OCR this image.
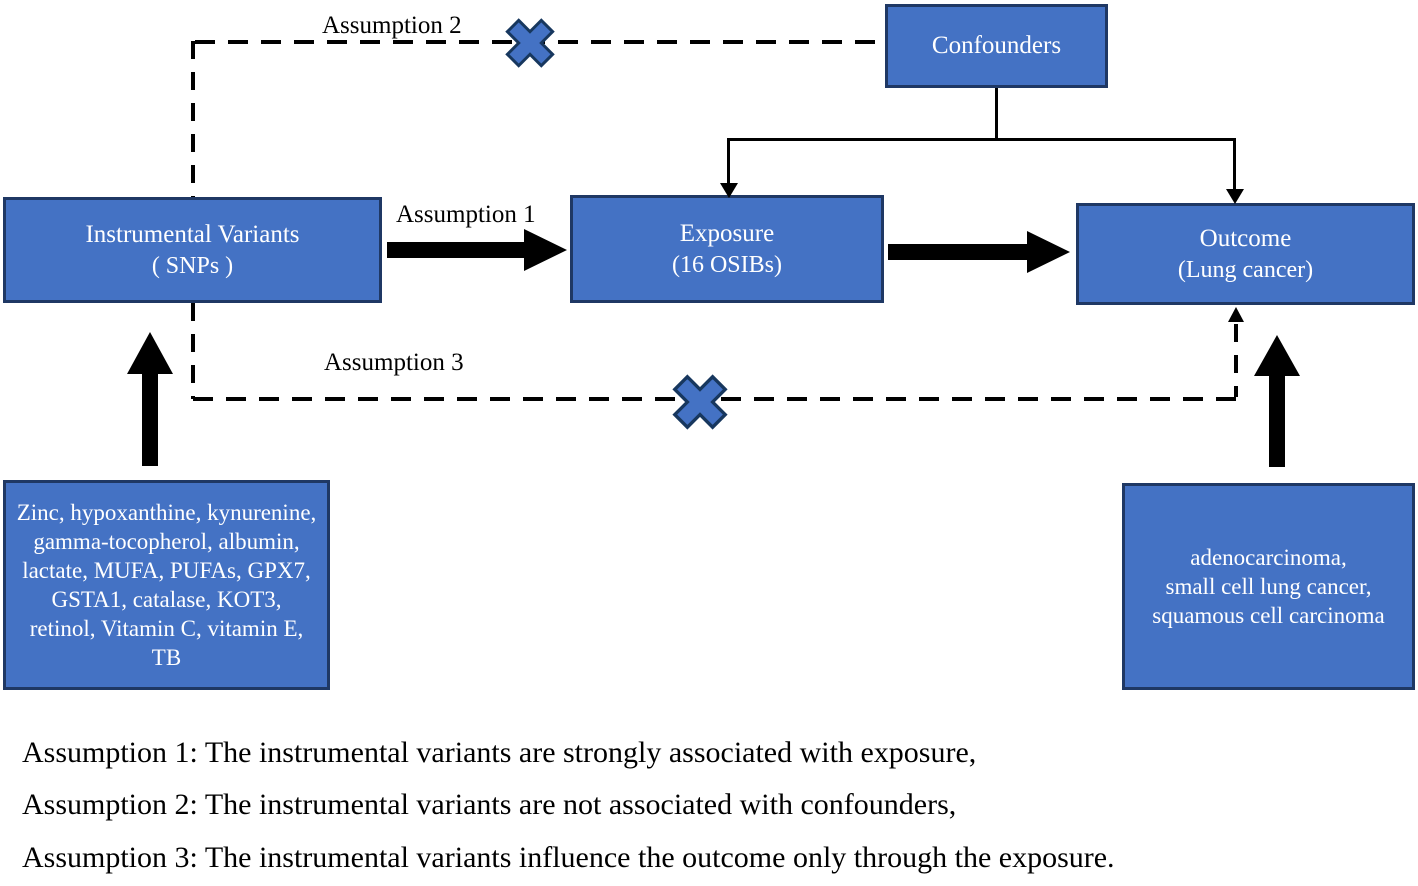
Instrumental Variants
( SNPs )
Exposure
(16 OSIBs)
Outcome
(Lung cancer)
Confounders
Zinc, hypoxanthine, kynurenine,
gamma-tocopherol, albumin,
lactate, MUFA, PUFAs, GPX7,
GSTA1, catalase, KOT3,
retinol, Vitamin C, vitamin E,
TB
adenocarcinoma,
small cell lung cancer,
squamous cell carcinoma
Assumption 2
Assumption 1
Assumption 3
Assumption 1: The instrumental variants are strongly associated with exposure,
Assumption 2: The instrumental variants are not associated with confounders,
Assumption 3: The instrumental variants influence the outcome only through the exposure.
